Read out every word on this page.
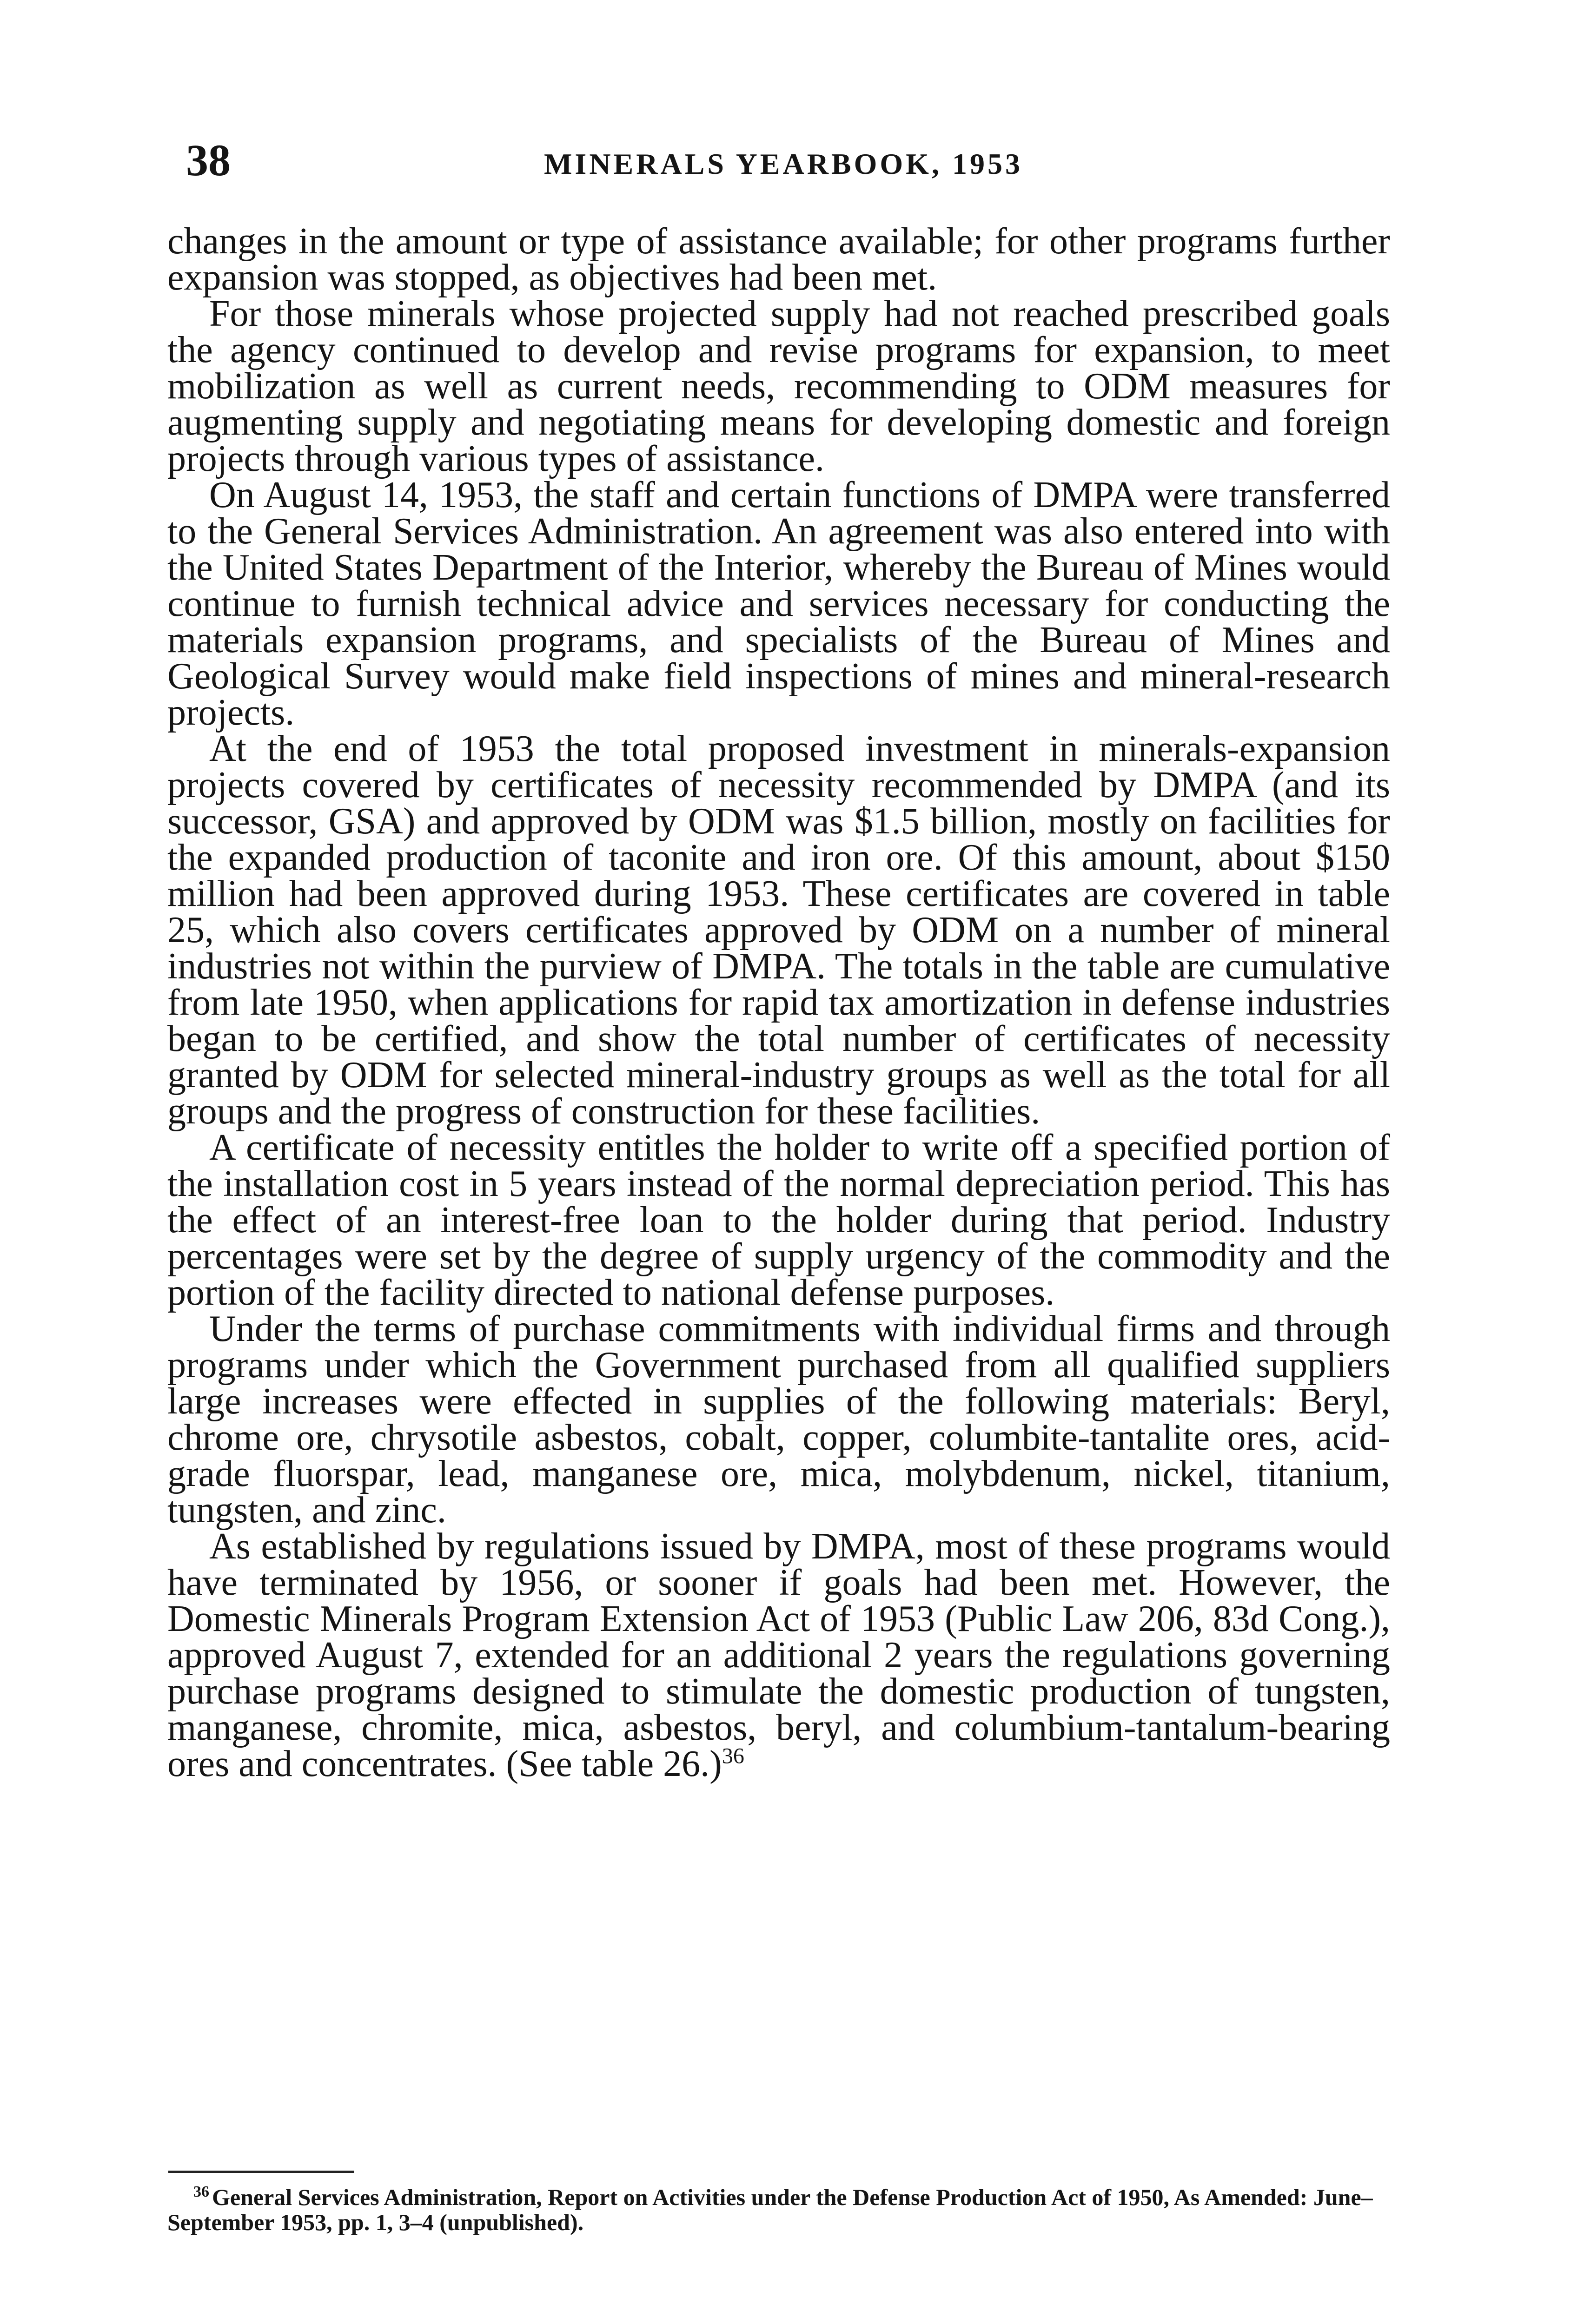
38	MINERALS YEARBOOK, 1953

changes in the amount or type of assistance available; for other programs further expansion was stopped, as objectives had been met.

For those minerals whose projected supply had not reached prescribed goals the agency continued to develop and revise programs for expansion, to meet mobilization as well as current needs, recommending to ODM measures for augmenting supply and negotiating means for developing domestic and foreign projects through various types of assistance.

On August 14, 1953, the staff and certain functions of DMPA were transferred to the General Services Administration. An agreement was also entered into with the United States Department of the Interior, whereby the Bureau of Mines would continue to furnish technical advice and services necessary for conducting the materials expansion programs, and specialists of the Bureau of Mines and Geological Survey would make field inspections of mines and mineral-research projects.

At the end of 1953 the total proposed investment in minerals-expansion projects covered by certificates of necessity recommended by DMPA (and its successor, GSA) and approved by ODM was $1.5 billion, mostly on facilities for the expanded production of taconite and iron ore. Of this amount, about $150 million had been approved during 1953. These certificates are covered in table 25, which also covers certificates approved by ODM on a number of mineral industries not within the purview of DMPA. The totals in the table are cumulative from late 1950, when applications for rapid tax amortization in defense industries began to be certified, and show the total number of certificates of necessity granted by ODM for selected mineral-industry groups as well as the total for all groups and the progress of construction for these facilities.

A certificate of necessity entitles the holder to write off a specified portion of the installation cost in 5 years instead of the normal depreciation period. This has the effect of an interest-free loan to the holder during that period. Industry percentages were set by the degree of supply urgency of the commodity and the portion of the facility directed to national defense purposes.

Under the terms of purchase commitments with individual firms and through programs under which the Government purchased from all qualified suppliers large increases were effected in supplies of the following materials: Beryl, chrome ore, chrysotile asbestos, cobalt, copper, columbite-tantalite ores, acid-grade fluorspar, lead, manganese ore, mica, molybdenum, nickel, titanium, tungsten, and zinc.

As established by regulations issued by DMPA, most of these programs would have terminated by 1956, or sooner if goals had been met. However, the Domestic Minerals Program Extension Act of 1953 (Public Law 206, 83d Cong.), approved August 7, extended for an additional 2 years the regulations governing purchase programs designed to stimulate the domestic production of tungsten, manganese, chromite, mica, asbestos, beryl, and columbium-tantalum-bearing ores and concentrates. (See table 26.)$^{36}$

$^{36}$ General Services Administration, Report on Activities under the Defense Production Act of 1950, As Amended: June–September 1953, pp. 1, 3–4 (unpublished).
